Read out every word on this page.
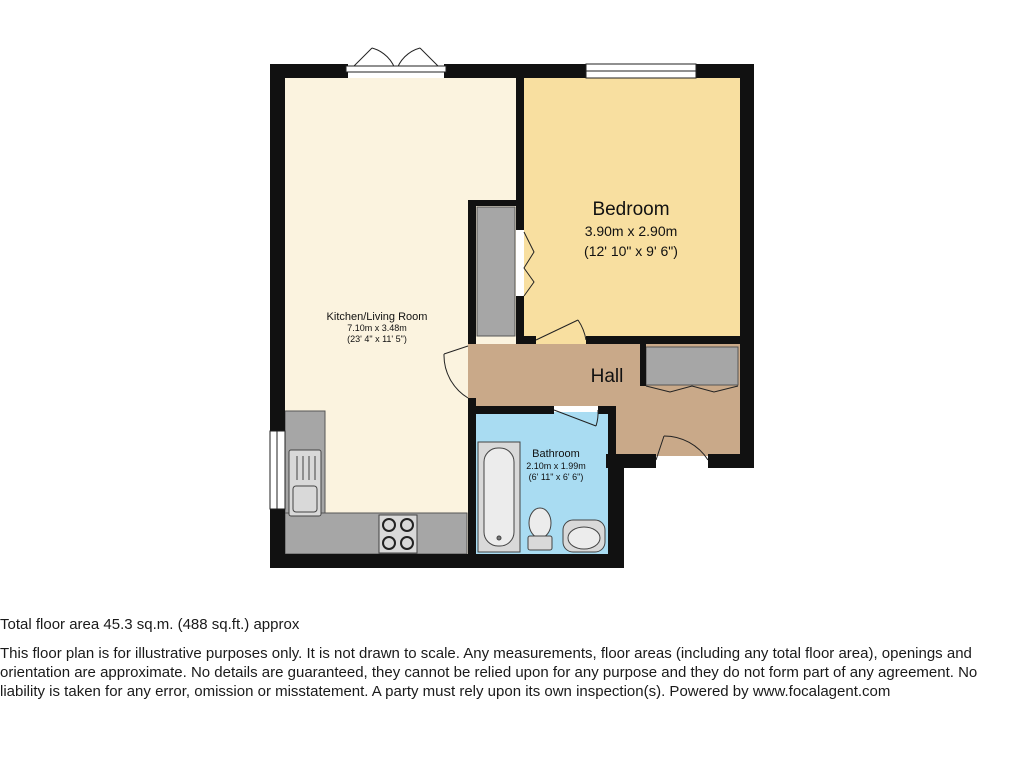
Kitchen/Living Room
7.10m x 3.48m
(23' 4" x 11' 5")
Bedroom
3.90m x 2.90m
(12' 10" x 9' 6")
Hall
Bathroom
2.10m x 1.99m
(6' 11" x 6' 6")
Total floor area 45.3 sq.m. (488 sq.ft.) approx
This floor plan is for illustrative purposes only. It is not drawn to scale. Any measurements, floor areas (including any total floor area), openings and orientation are approximate. No details are guaranteed, they cannot be relied upon for any purpose and they do not form part of any agreement. No liability is taken for any error, omission or misstatement. A party must rely upon its own inspection(s). Powered by www.focalagent.com
